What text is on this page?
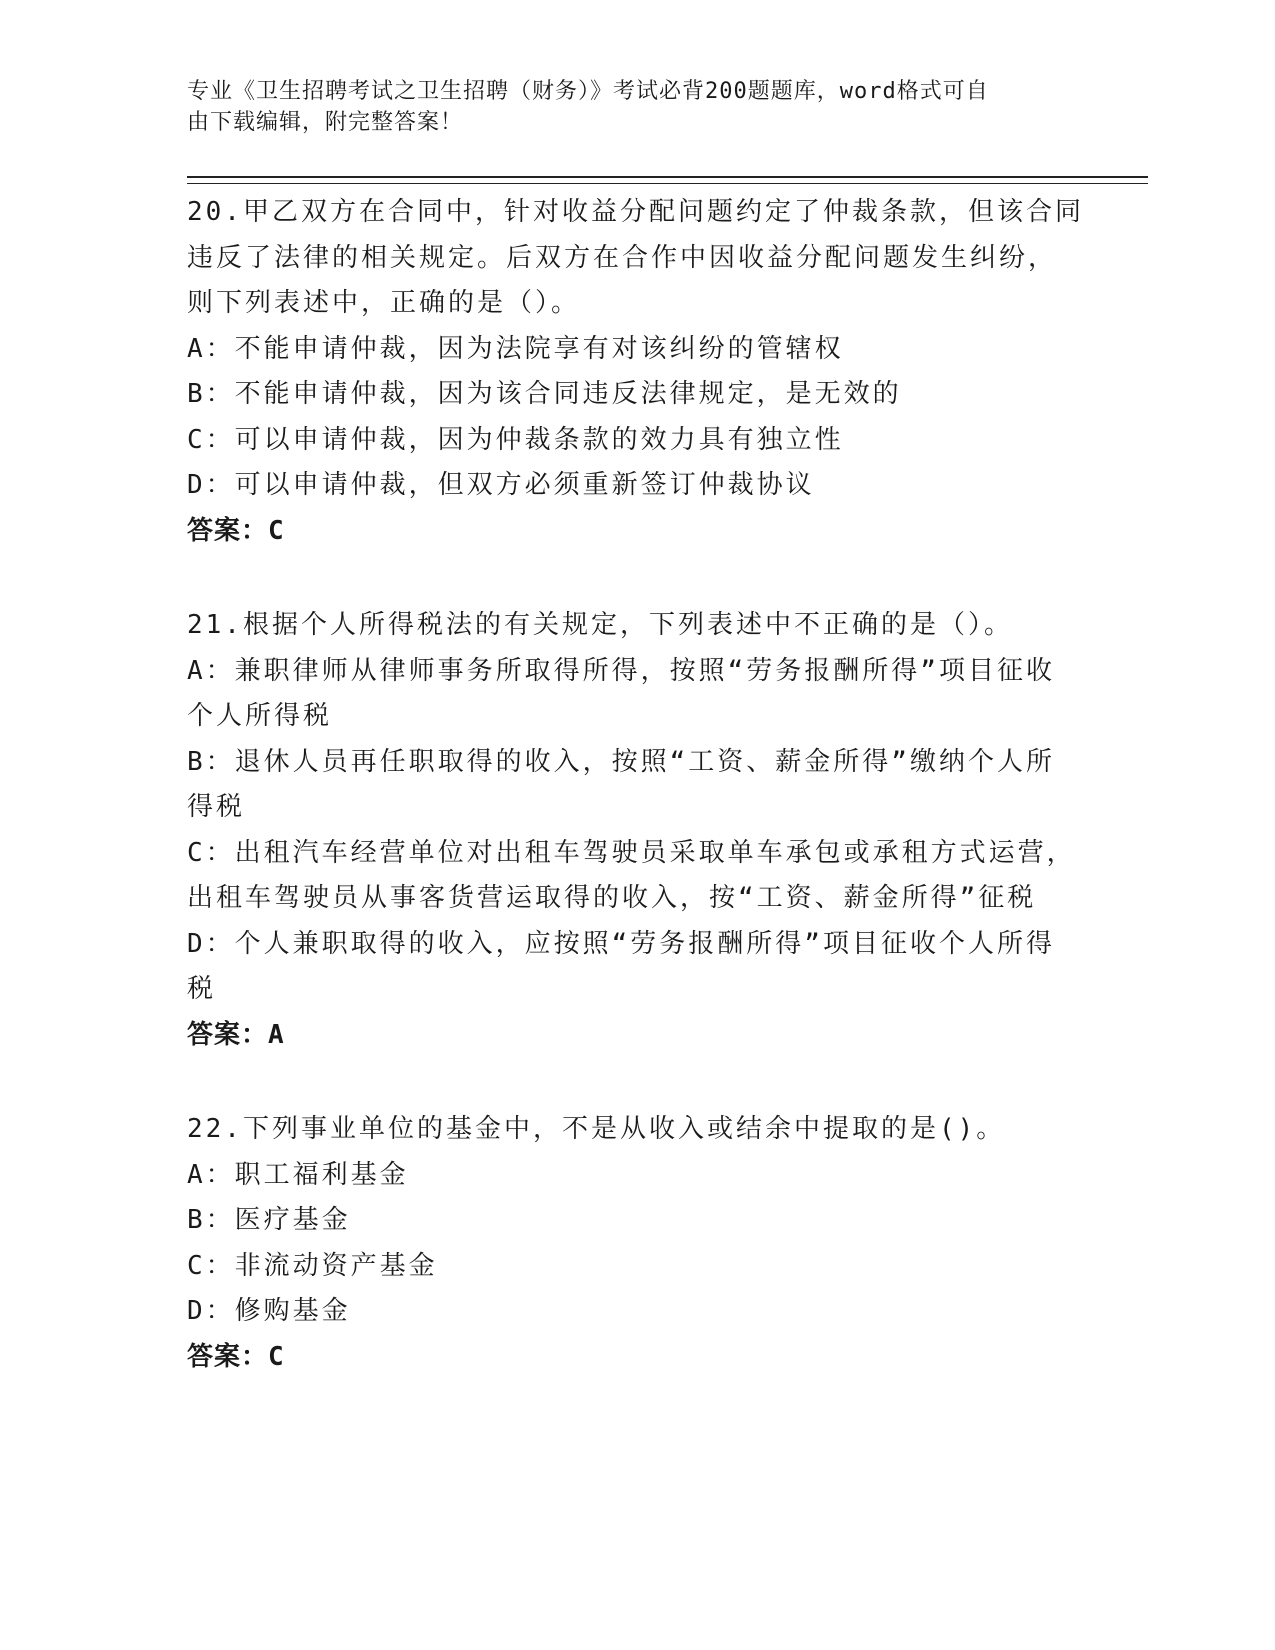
专业《卫生招聘考试之卫生招聘（财务）》考试必背200题题库，word格式可自
由下载编辑，附完整答案！
20.甲乙双方在合同中，针对收益分配问题约定了仲裁条款，但该合同
违反了法律的相关规定。后双方在合作中因收益分配问题发生纠纷，
则下列表述中，正确的是（）。
A：不能申请仲裁，因为法院享有对该纠纷的管辖权
B：不能申请仲裁，因为该合同违反法律规定，是无效的
C：可以申请仲裁，因为仲裁条款的效力具有独立性
D：可以申请仲裁，但双方必须重新签订仲裁协议
答案：C
21.根据个人所得税法的有关规定，下列表述中不正确的是（）。
A：兼职律师从律师事务所取得所得，按照“劳务报酬所得”项目征收
个人所得税
B：退休人员再任职取得的收入，按照“工资、薪金所得”缴纳个人所
得税
C：出租汽车经营单位对出租车驾驶员采取单车承包或承租方式运营，
出租车驾驶员从事客货营运取得的收入，按“工资、薪金所得”征税
D：个人兼职取得的收入，应按照“劳务报酬所得”项目征收个人所得
税
答案：A
22.下列事业单位的基金中，不是从收入或结余中提取的是()。
A：职工福利基金
B：医疗基金
C：非流动资产基金
D：修购基金
答案：C
